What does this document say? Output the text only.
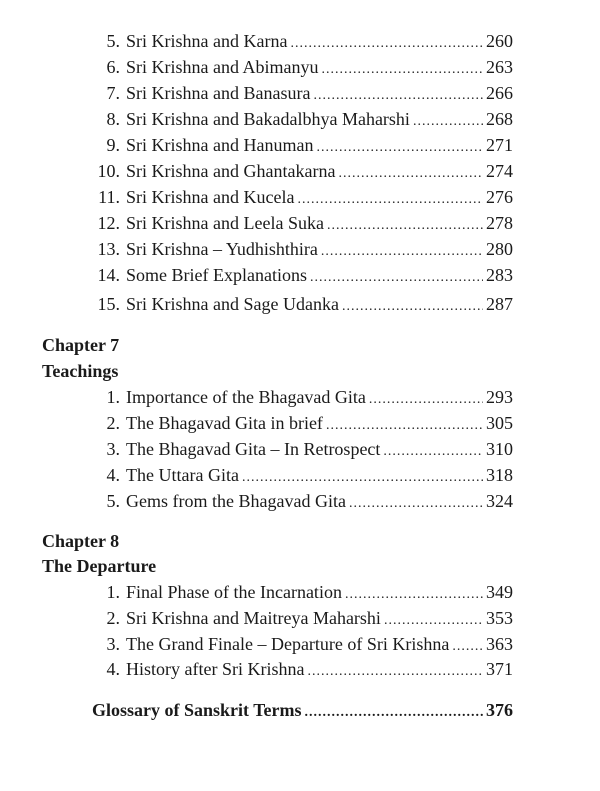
5. Sri Krishna and Karna .....	260
6. Sri Krishna and Abimanyu .....	263
7. Sri Krishna and Banasura .....	266
8. Sri Krishna and Bakadalbhya Maharshi .....	268
9. Sri Krishna and Hanuman .....	271
10. Sri Krishna and Ghantakarna .....	274
11. Sri Krishna and Kucela .....	276
12. Sri Krishna and Leela Suka .....	278
13. Sri Krishna – Yudhishthira .....	280
14. Some Brief Explanations .....	283
15. Sri Krishna and Sage Udanka .....	287
Chapter 7
Teachings
1. Importance of the Bhagavad Gita .....	293
2. The Bhagavad Gita in brief .....	305
3. The Bhagavad Gita – In Retrospect .....	310
4. The Uttara Gita .....	318
5. Gems from the Bhagavad Gita .....	324
Chapter 8
The Departure
1. Final Phase of the Incarnation .....	349
2. Sri Krishna and Maitreya Maharshi .....	353
3. The Grand Finale – Departure of Sri Krishna ..... 363
4. History after Sri Krishna .....	371
Glossary of Sanskrit Terms .....	376
